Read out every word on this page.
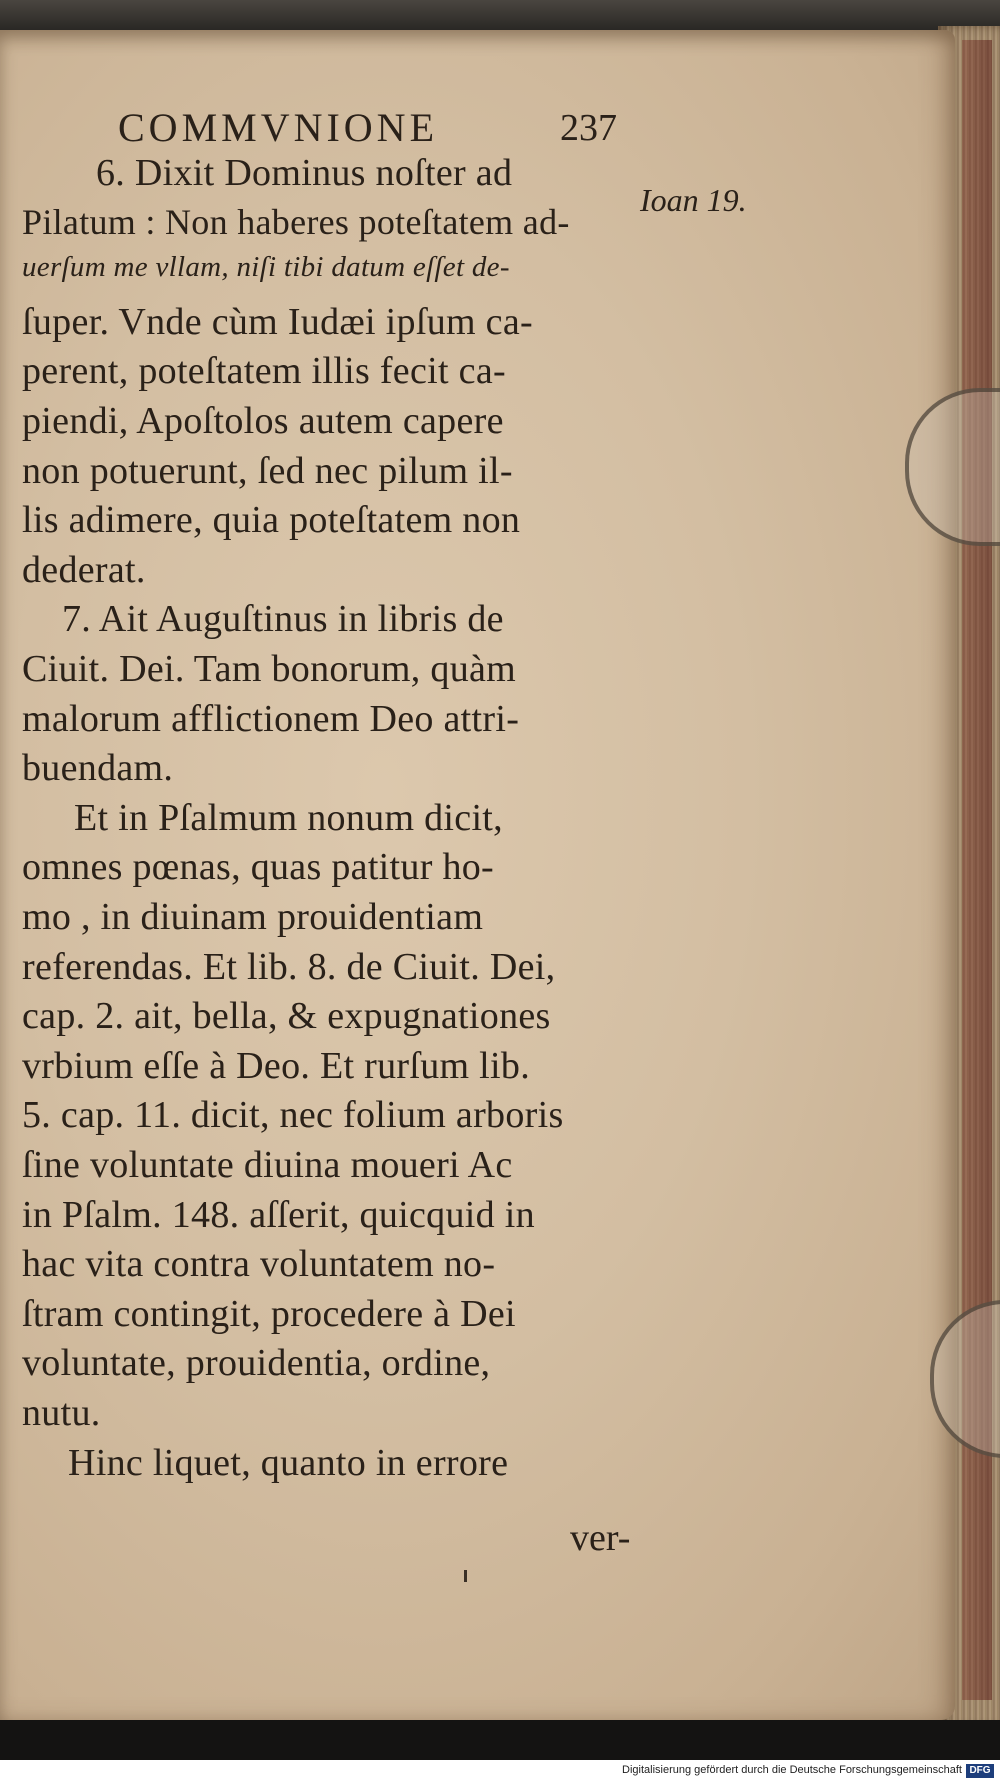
COMMVNIONE	237
6. Dixit Dominus noſter ad
Pilatum : Non haberes poteſtatem ad-
uerſum me vllam, niſi tibi datum eſſet de-
ſuper. Vnde cùm Iudæi ipſum ca-
perent, poteſtatem illis fecit ca-
piendi, Apoſtolos autem capere
non potuerunt, ſed nec pilum il-
lis adimere, quia poteſtatem non
dederat.
7. Ait Auguſtinus in libris de
Ciuit. Dei. Tam bonorum, quàm
malorum afflictionem Deo attri-
buendam.
Et in Pſalmum nonum dicit,
omnes pœnas, quas patitur ho-
mo , in diuinam prouidentiam
referendas. Et lib. 8. de Ciuit. Dei,
cap. 2. ait, bella, & expugnationes
vrbium eſſe à Deo. Et rurſum lib.
5. cap. 11. dicit, nec folium arboris
ſine voluntate diuina moueri Ac
in Pſalm. 148. aſſerit, quicquid in
hac vita contra voluntatem no-
ſtram contingit, procedere à Dei
voluntate, prouidentia, ordine,
nutu.
Hinc liquet, quanto in errore
Ioan 19.
ver-
Digitalisierung gefördert durch die Deutsche Forschungsgemeinschaft DFG
